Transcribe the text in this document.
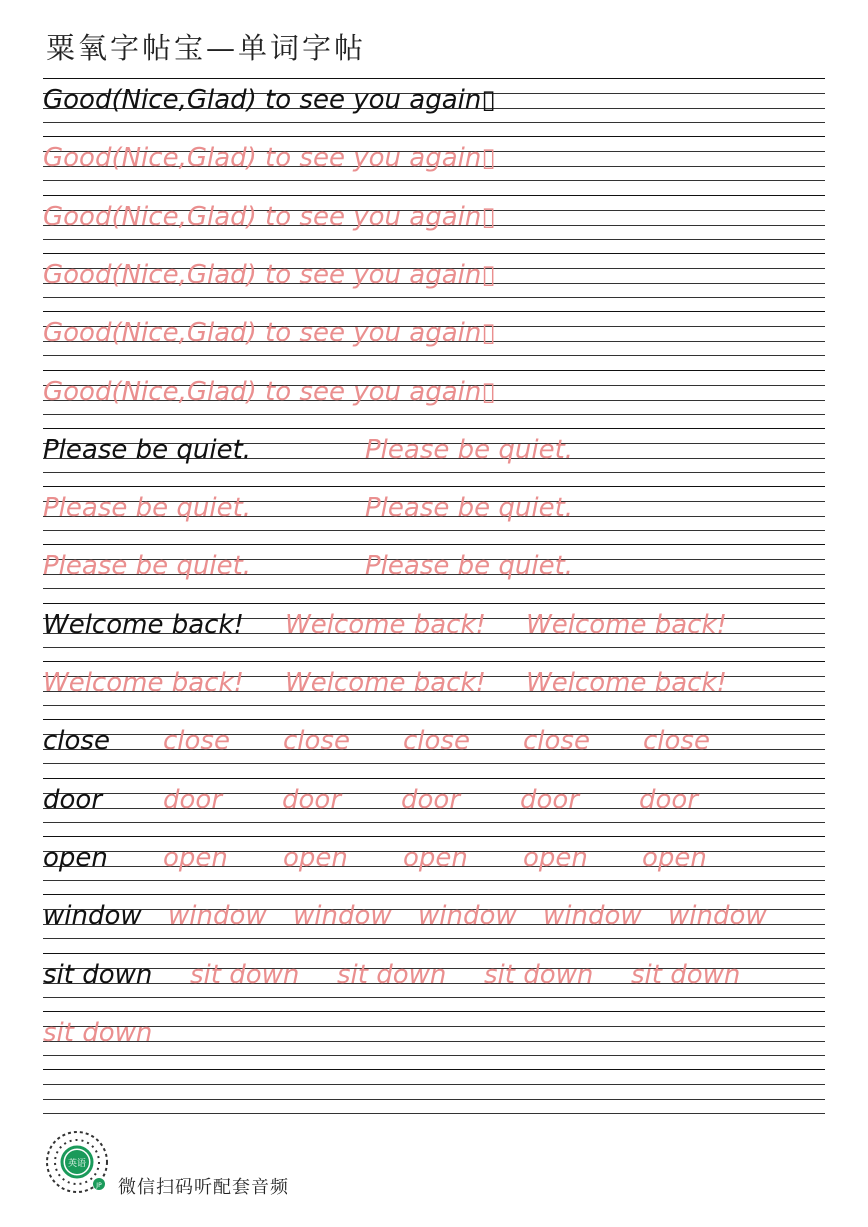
粟氧字帖宝—单词字帖
Good(Nice,Glad) to see you again▯
Good(Nice,Glad) to see you again▯
Good(Nice,Glad) to see you again▯
Good(Nice,Glad) to see you again▯
Good(Nice,Glad) to see you again▯
Good(Nice,Glad) to see you again▯
Please be quiet.	Please be quiet.
Please be quiet.	Please be quiet.
Please be quiet.	Please be quiet.
Welcome back! Welcome back! Welcome back!
Welcome back! Welcome back! Welcome back!
close close close close close close
door door door door door door
open open open open open open
window window window window window window
sit down sit down sit down sit down sit down
sit down
英语
JP 微信扫码听配套音频
